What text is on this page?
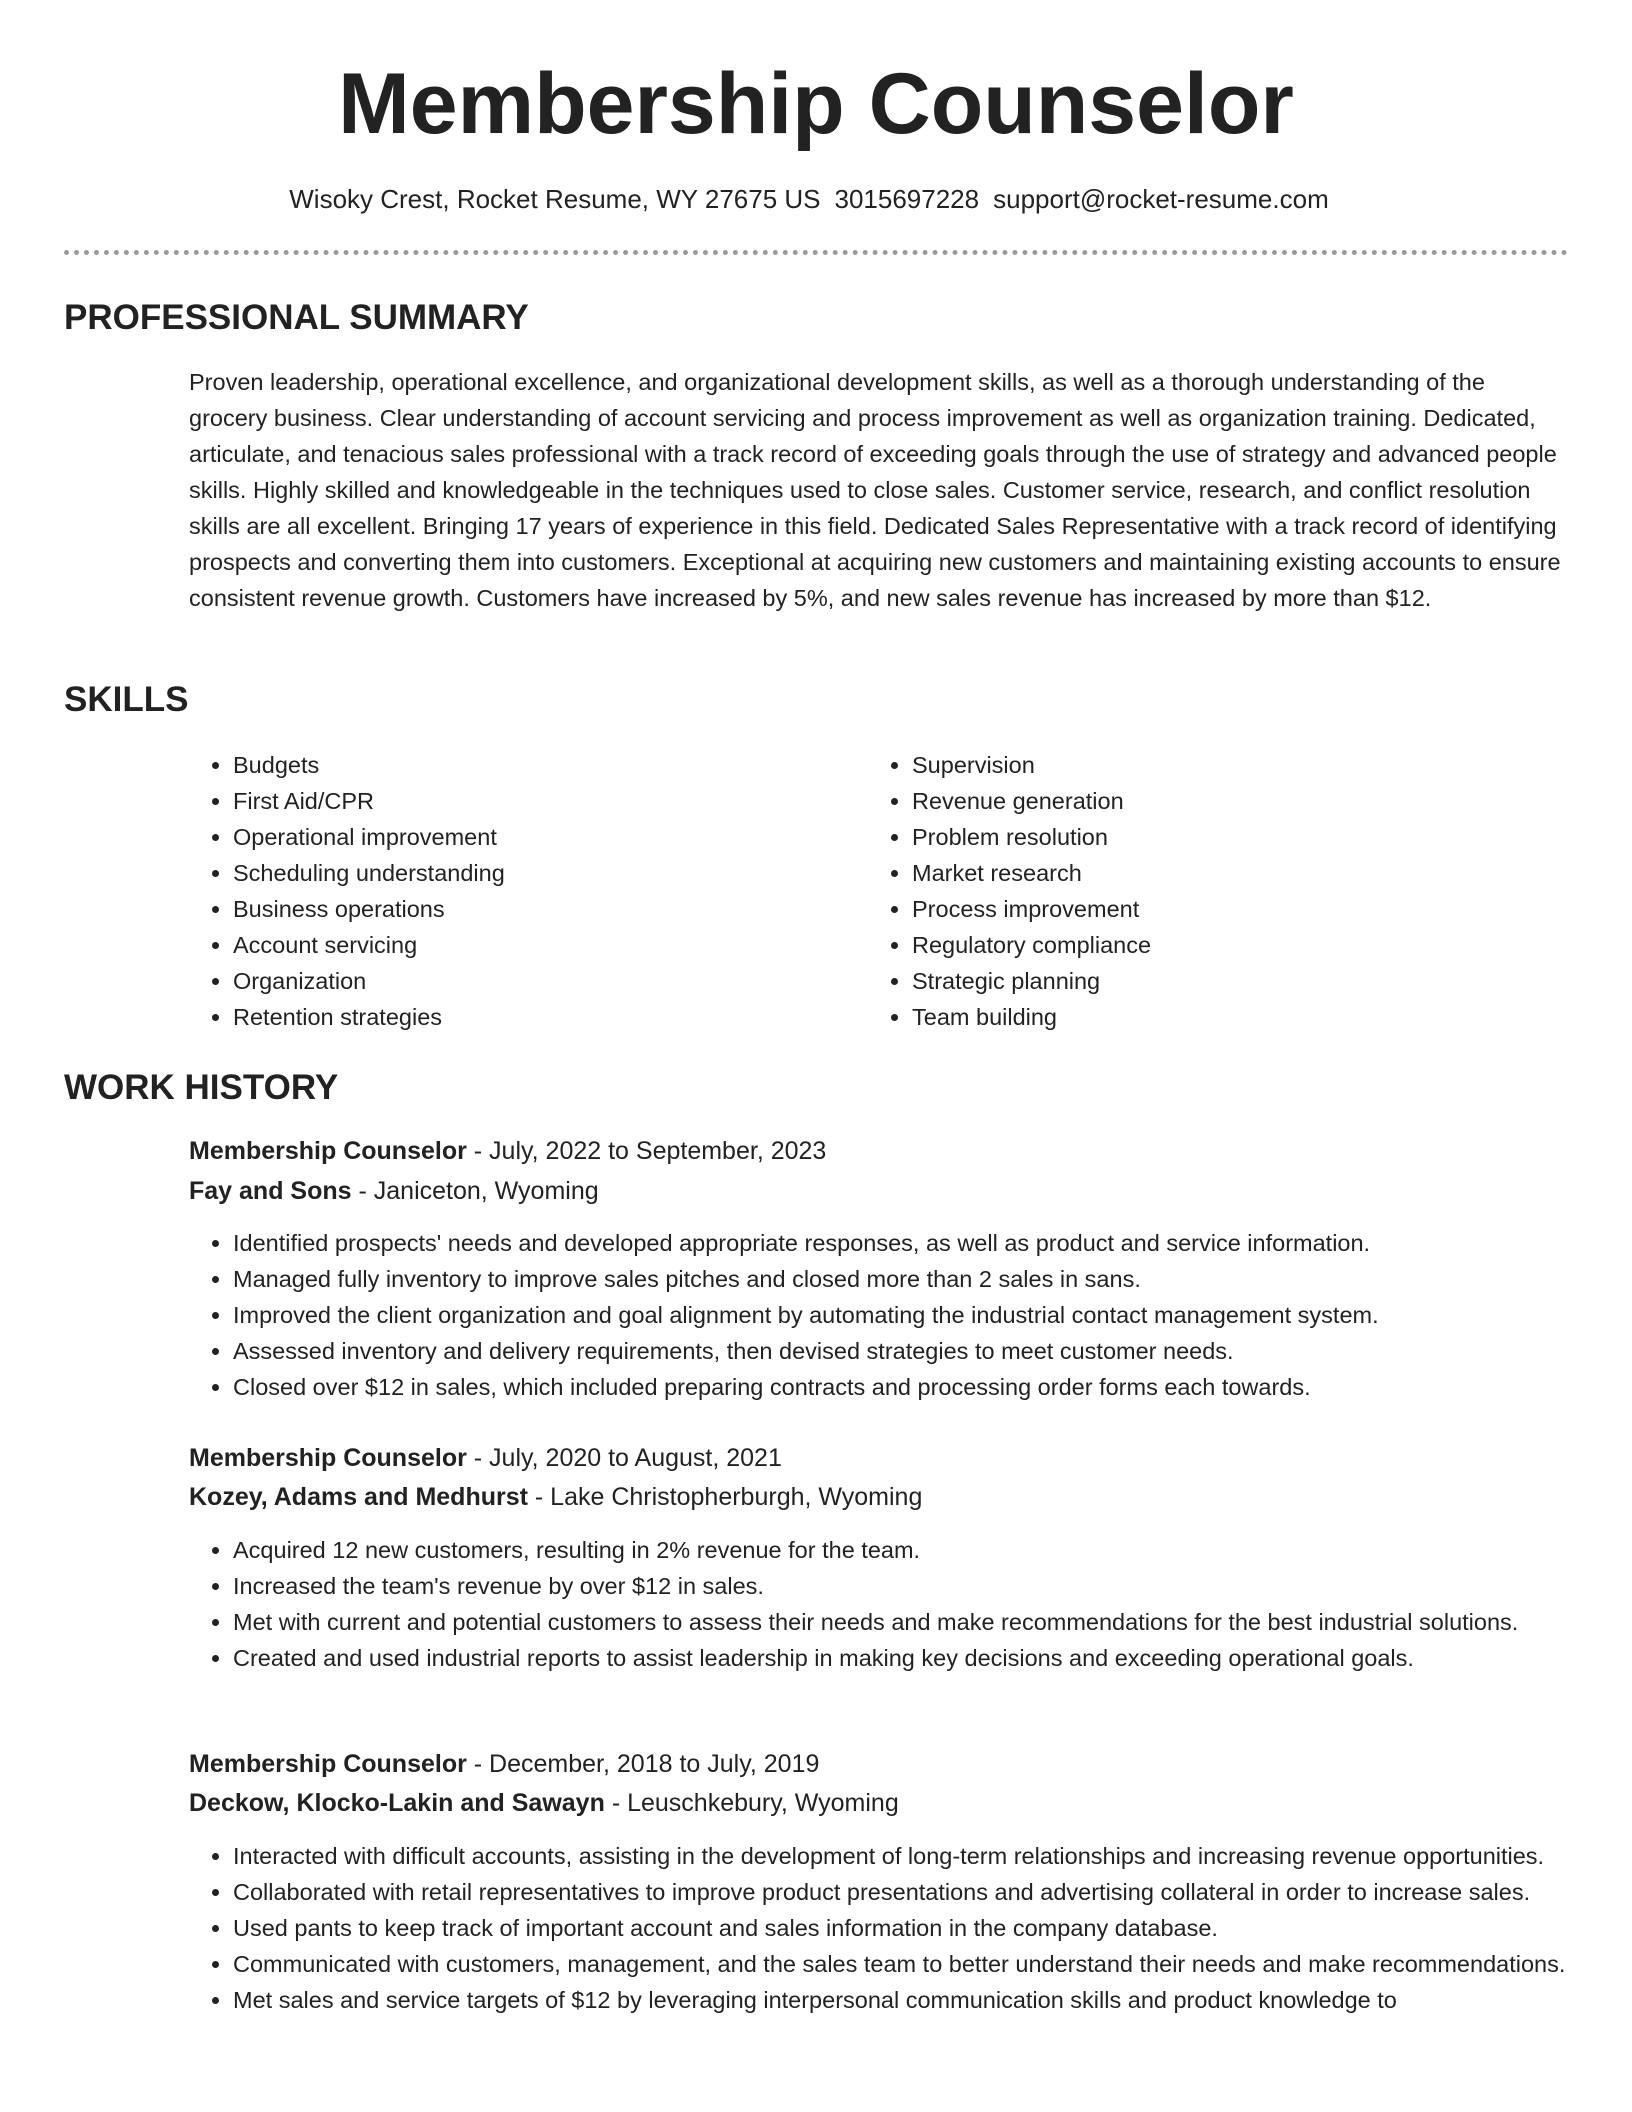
Membership Counselor
Wisoky Crest, Rocket Resume, WY 27675 US 3015697228 support@rocket-resume.com
PROFESSIONAL SUMMARY

Proven leadership, operational excellence, and organizational development skills, as well as a thorough understanding of the grocery business. Clear understanding of account servicing and process improvement as well as organization training. Dedicated, articulate, and tenacious sales professional with a track record of exceeding goals through the use of strategy and advanced people skills. Highly skilled and knowledgeable in the techniques used to close sales. Customer service, research, and conflict resolution skills are all excellent. Bringing 17 years of experience in this field. Dedicated Sales Representative with a track record of identifying prospects and converting them into customers. Exceptional at acquiring new customers and maintaining existing accounts to ensure consistent revenue growth. Customers have increased by 5%, and new sales revenue has increased by more than $12.

SKILLS
• Budgets
• First Aid/CPR
• Operational improvement
• Scheduling understanding
• Business operations
• Account servicing
• Organization
• Retention strategies
• Supervision
• Revenue generation
• Problem resolution
• Market research
• Process improvement
• Regulatory compliance
• Strategic planning
• Team building
WORK HISTORY
Membership Counselor - July, 2022 to September, 2023
Fay and Sons - Janiceton, Wyoming
• Identified prospects' needs and developed appropriate responses, as well as product and service information.
• Managed fully inventory to improve sales pitches and closed more than 2 sales in sans.
• Improved the client organization and goal alignment by automating the industrial contact management system.
• Assessed inventory and delivery requirements, then devised strategies to meet customer needs.
• Closed over $12 in sales, which included preparing contracts and processing order forms each towards.
Membership Counselor - July, 2020 to August, 2021
Kozey, Adams and Medhurst - Lake Christopherburgh, Wyoming
• Acquired 12 new customers, resulting in 2% revenue for the team.
• Increased the team's revenue by over $12 in sales.
• Met with current and potential customers to assess their needs and make recommendations for the best industrial solutions.
• Created and used industrial reports to assist leadership in making key decisions and exceeding operational goals.
Membership Counselor - December, 2018 to July, 2019
Deckow, Klocko-Lakin and Sawayn - Leuschkebury, Wyoming
• Interacted with difficult accounts, assisting in the development of long-term relationships and increasing revenue opportunities.
• Collaborated with retail representatives to improve product presentations and advertising collateral in order to increase sales.
• Used pants to keep track of important account and sales information in the company database.
• Communicated with customers, management, and the sales team to better understand their needs and make recommendations.
• Met sales and service targets of $12 by leveraging interpersonal communication skills and product knowledge to
